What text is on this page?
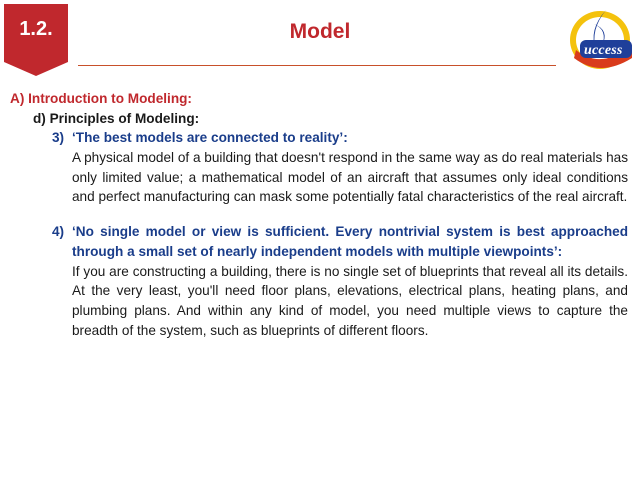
1.2.	Model
uccess
A) Introduction to Modeling:
d) Principles of Modeling:
3) ‘The best models are connected to reality’:
A physical model of a building that doesn't respond in the same way as do real materials has only limited value; a mathematical model of an aircraft that assumes only ideal conditions and perfect manufacturing can mask some potentially fatal characteristics of the real aircraft.
4) ‘No single model or view is sufficient. Every nontrivial system is best approached through a small set of nearly independent models with multiple viewpoints’:
If you are constructing a building, there is no single set of blueprints that reveal all its details. At the very least, you'll need floor plans, elevations, electrical plans, heating plans, and plumbing plans. And within any kind of model, you need multiple views to capture the breadth of the system, such as blueprints of different floors.
